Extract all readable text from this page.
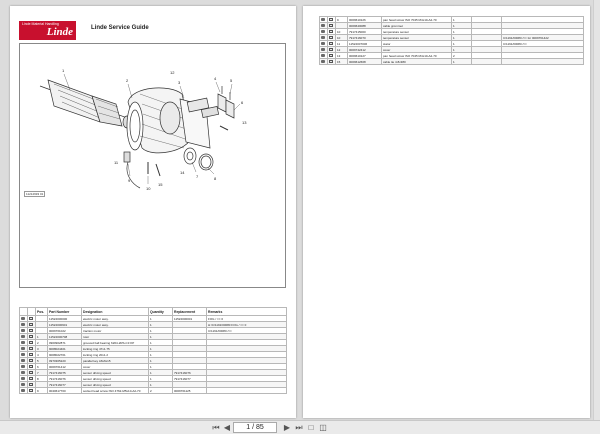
Linde Material Handling
Linde	Linde Service Guide
1
2	3
4	5
6
7	8
9
10
11
12
13
14
15
11212993 01
		Pos.	Part Number	Designation	Quantity	Replacement	Remarks
			11522000000	electric motor assy.	1	11522000001	FOG / == 0
			11522000901	electric motor assy.	1		H:/C/1191/00080 FOG / == 0
			0009761022	traction motor	1		C/1191/00080 /==
		1	11522000708	rotor	1		
		2	0900902871	grooved ball bearing 6204-2RS-C3 KP	1		
		3	9008024401	locking ring 47x1.75	1		
		4	9008022701	locking ring 20x1.2	1		
		5	0970305220	parallel key A6x6x15	1		
		6	0009761412	cover	1		
		7	7917416075	sensor driving speed	1	7917416076	
		8	7917416076	sensor driving speed	1	7917416077	
			7917416077	sensor driving speed	1		
		9	0040617700	socket head screw ISO 4762-M5x10-A2-70	2	0009761125	
		9	0009610126	pan head screw ISO 7045 M4x10-A2-70	1		
			0009640088	cable grommet	1		
		10	7917415000	temperature sensor	1		
		10	7917416070	temperature sensor	1		C/1191/00080 /== for 0009761422
		11	11522007006	stator	1		C/1191/00080 /==
		12	0009742412	cover	1		
		13	0009610127	pan head screw ISO 7045 M4x10-A2-70	2		
		15	0009612668	cable tie 4.8x380	1		
⏮ ◀	1 / 85	▶ ⏭ □ ◫
